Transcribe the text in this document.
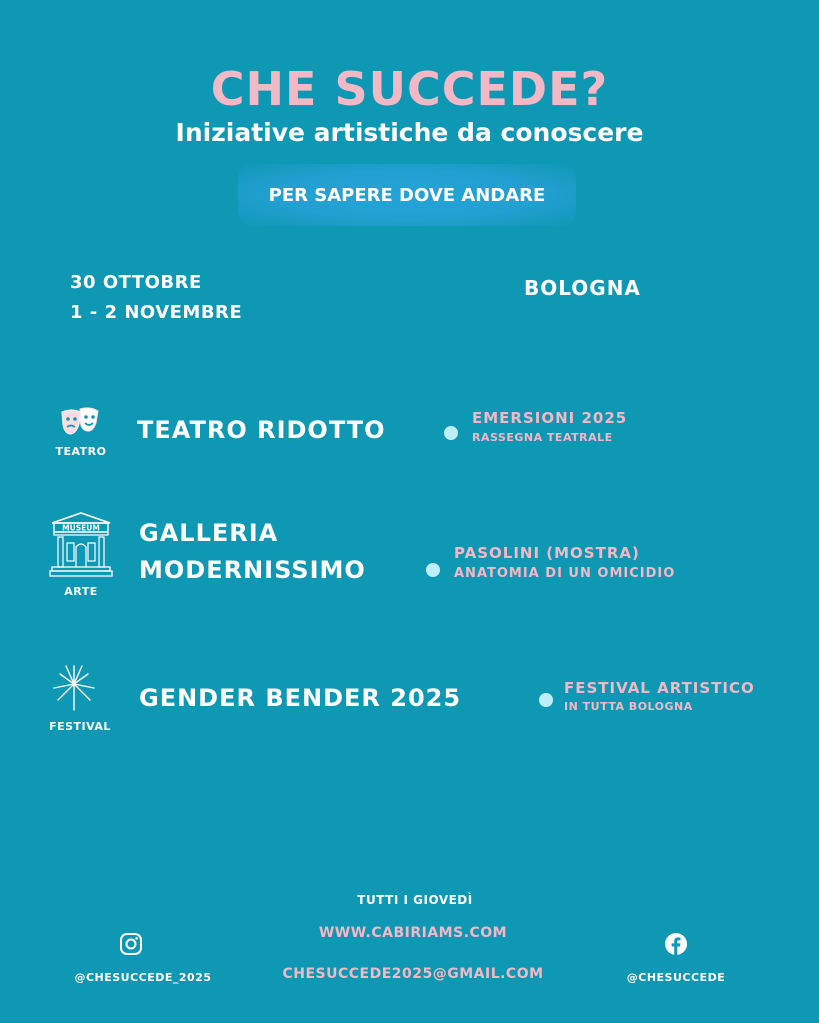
CHE SUCCEDE?
Iniziative artistiche da conoscere
PER SAPERE DOVE ANDARE
30 OTTOBRE
1 - 2 NOVEMBRE
BOLOGNA
TEATRO
TEATRO RIDOTTO	EMERSIONI 2025
RASSEGNA TEATRALE
MUSEUM
ARTE
GALLERIA
MODERNISSIMO
PASOLINI (MOSTRA)
ANATOMIA DI UN OMICIDIO
FESTIVAL
GENDER BENDER 2025	FESTIVAL ARTISTICO
IN TUTTA BOLOGNA
TUTTI I GIOVEDÌ
WWW.CABIRIAMS.COM
CHESUCCEDE2025@GMAIL.COM
@CHESUCCEDE_2025	@CHESUCCEDE
